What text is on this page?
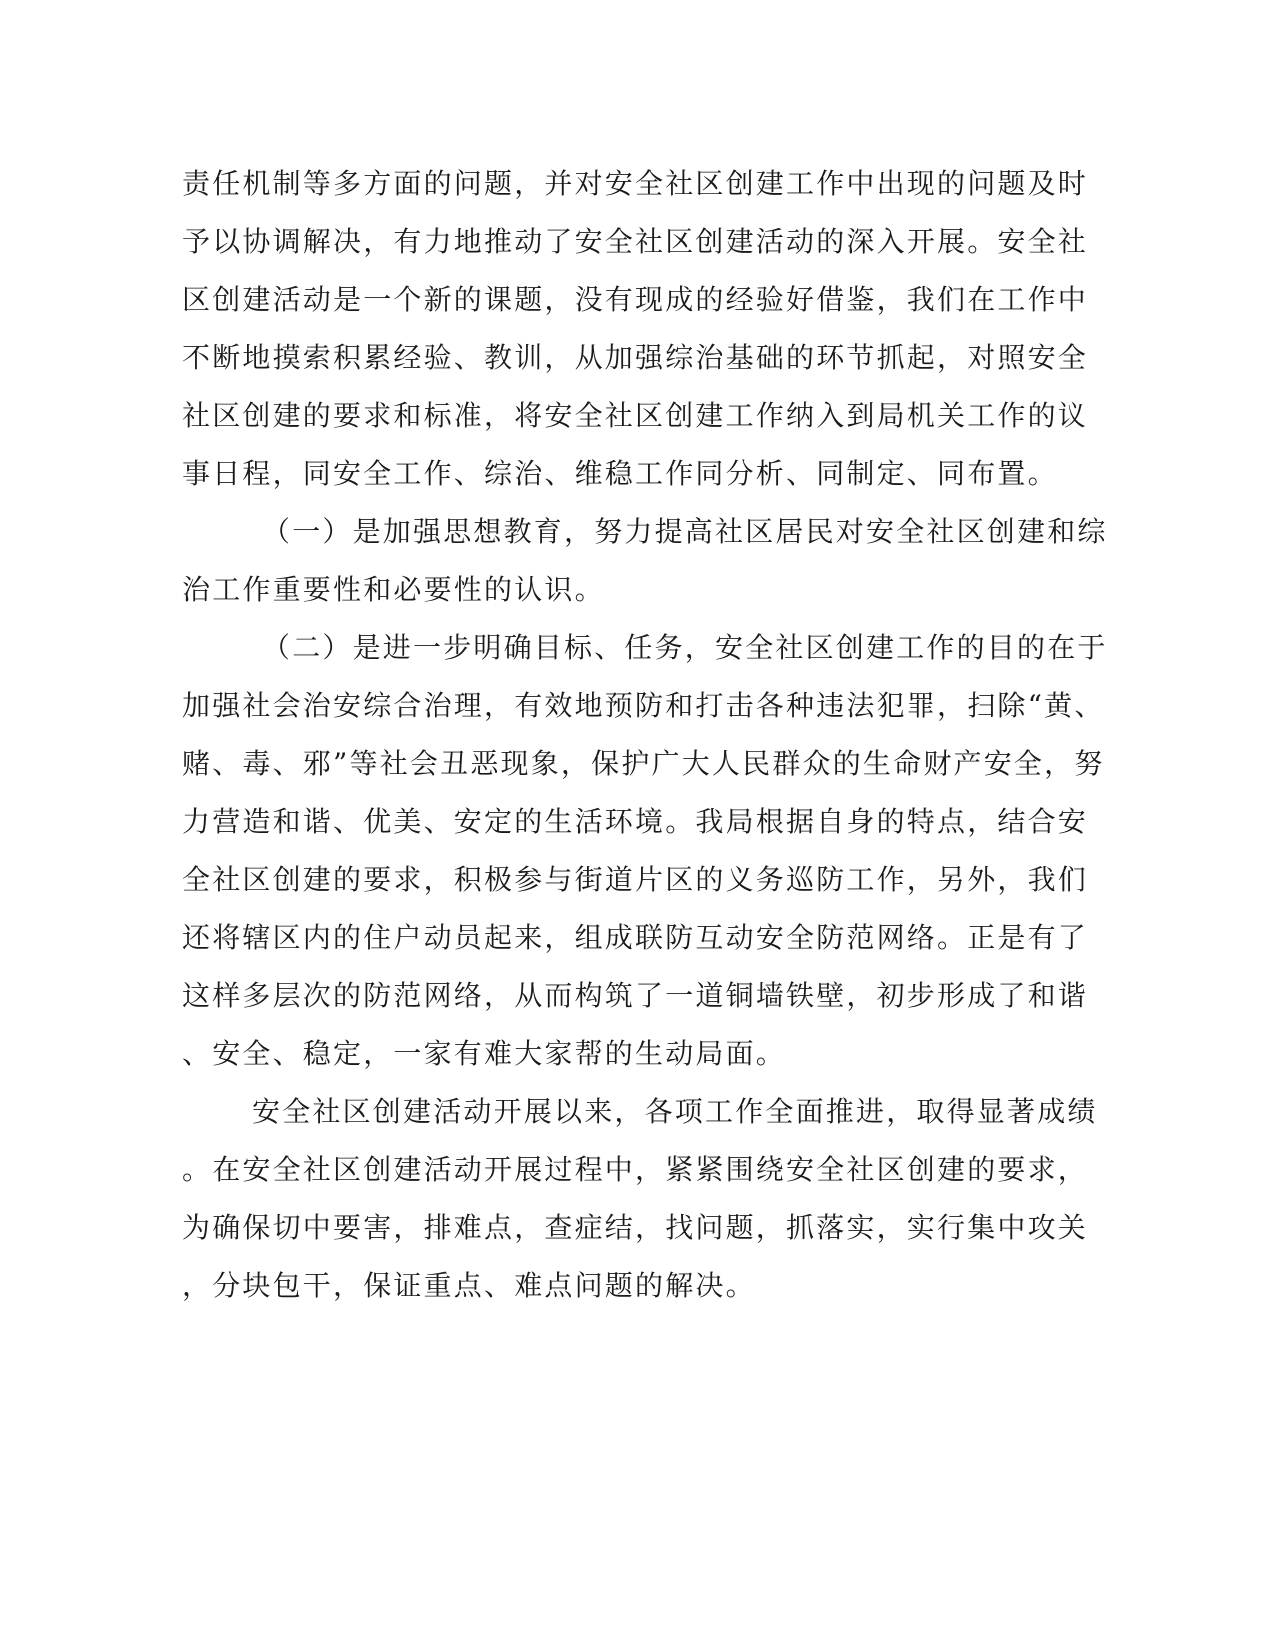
责任机制等多方面的问题，并对安全社区创建工作中出现的问题及时
予以协调解决，有力地推动了安全社区创建活动的深入开展。安全社
区创建活动是一个新的课题，没有现成的经验好借鉴，我们在工作中
不断地摸索积累经验、教训，从加强综治基础的环节抓起，对照安全
社区创建的要求和标准，将安全社区创建工作纳入到局机关工作的议
事日程，同安全工作、综治、维稳工作同分析、同制定、同布置。
（一）是加强思想教育，努力提高社区居民对安全社区创建和综
治工作重要性和必要性的认识。
（二）是进一步明确目标、任务，安全社区创建工作的目的在于
加强社会治安综合治理，有效地预防和打击各种违法犯罪，扫除“黄、
赌、毒、邪”等社会丑恶现象，保护广大人民群众的生命财产安全，努
力营造和谐、优美、安定的生活环境。我局根据自身的特点，结合安
全社区创建的要求，积极参与街道片区的义务巡防工作，另外，我们
还将辖区内的住户动员起来，组成联防互动安全防范网络。正是有了
这样多层次的防范网络，从而构筑了一道铜墙铁壁，初步形成了和谐
、安全、稳定，一家有难大家帮的生动局面。
安全社区创建活动开展以来，各项工作全面推进，取得显著成绩
。在安全社区创建活动开展过程中，紧紧围绕安全社区创建的要求，
为确保切中要害，排难点，查症结，找问题，抓落实，实行集中攻关
，分块包干，保证重点、难点问题的解决。
